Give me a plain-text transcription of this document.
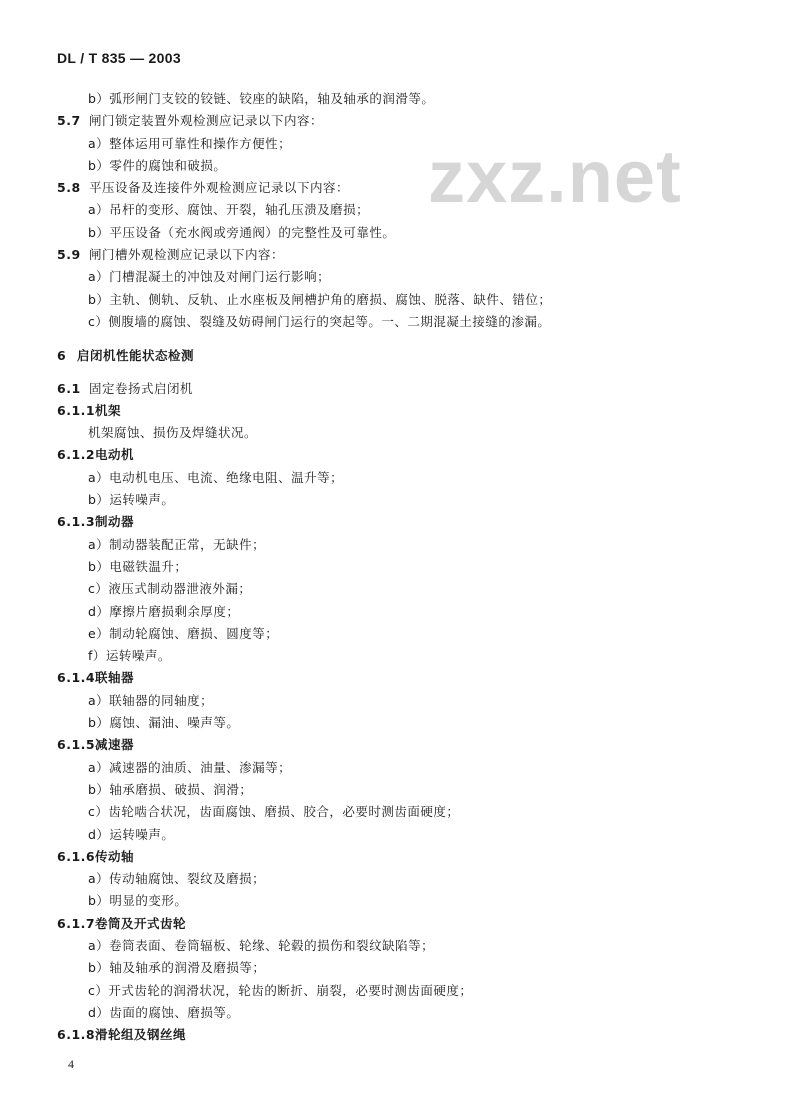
DL / T 835 — 2003
zxz.net
b）弧形闸门支铰的铰链、铰座的缺陷，轴及轴承的润滑等。
5.7 闸门锁定装置外观检测应记录以下内容：
a）整体运用可靠性和操作方便性；
b）零件的腐蚀和破损。
5.8 平压设备及连接件外观检测应记录以下内容：
a）吊杆的变形、腐蚀、开裂，轴孔压溃及磨损；
b）平压设备（充水阀或旁通阀）的完整性及可靠性。
5.9 闸门槽外观检测应记录以下内容：
a）门槽混凝土的冲蚀及对闸门运行影响；
b）主轨、侧轨、反轨、止水座板及闸槽护角的磨损、腐蚀、脱落、缺件、错位；
c）侧腹墙的腐蚀、裂缝及妨碍闸门运行的突起等。一、二期混凝土接缝的渗漏。
6 启闭机性能状态检测
6.1 固定卷扬式启闭机
6.1.1机架
机架腐蚀、损伤及焊缝状况。
6.1.2电动机
a）电动机电压、电流、绝缘电阻、温升等；
b）运转噪声。
6.1.3制动器
a）制动器装配正常，无缺件；
b）电磁铁温升；
c）液压式制动器泄液外漏；
d）摩擦片磨损剩余厚度；
e）制动轮腐蚀、磨损、圆度等；
f）运转噪声。
6.1.4联轴器
a）联轴器的同轴度；
b）腐蚀、漏油、噪声等。
6.1.5减速器
a）减速器的油质、油量、渗漏等；
b）轴承磨损、破损、润滑；
c）齿轮啮合状况，齿面腐蚀、磨损、胶合，必要时测齿面硬度；
d）运转噪声。
6.1.6传动轴
a）传动轴腐蚀、裂纹及磨损；
b）明显的变形。
6.1.7卷筒及开式齿轮
a）卷筒表面、卷筒辐板、轮缘、轮毂的损伤和裂纹缺陷等；
b）轴及轴承的润滑及磨损等；
c）开式齿轮的润滑状况，轮齿的断折、崩裂，必要时测齿面硬度；
d）齿面的腐蚀、磨损等。
6.1.8滑轮组及钢丝绳
4
